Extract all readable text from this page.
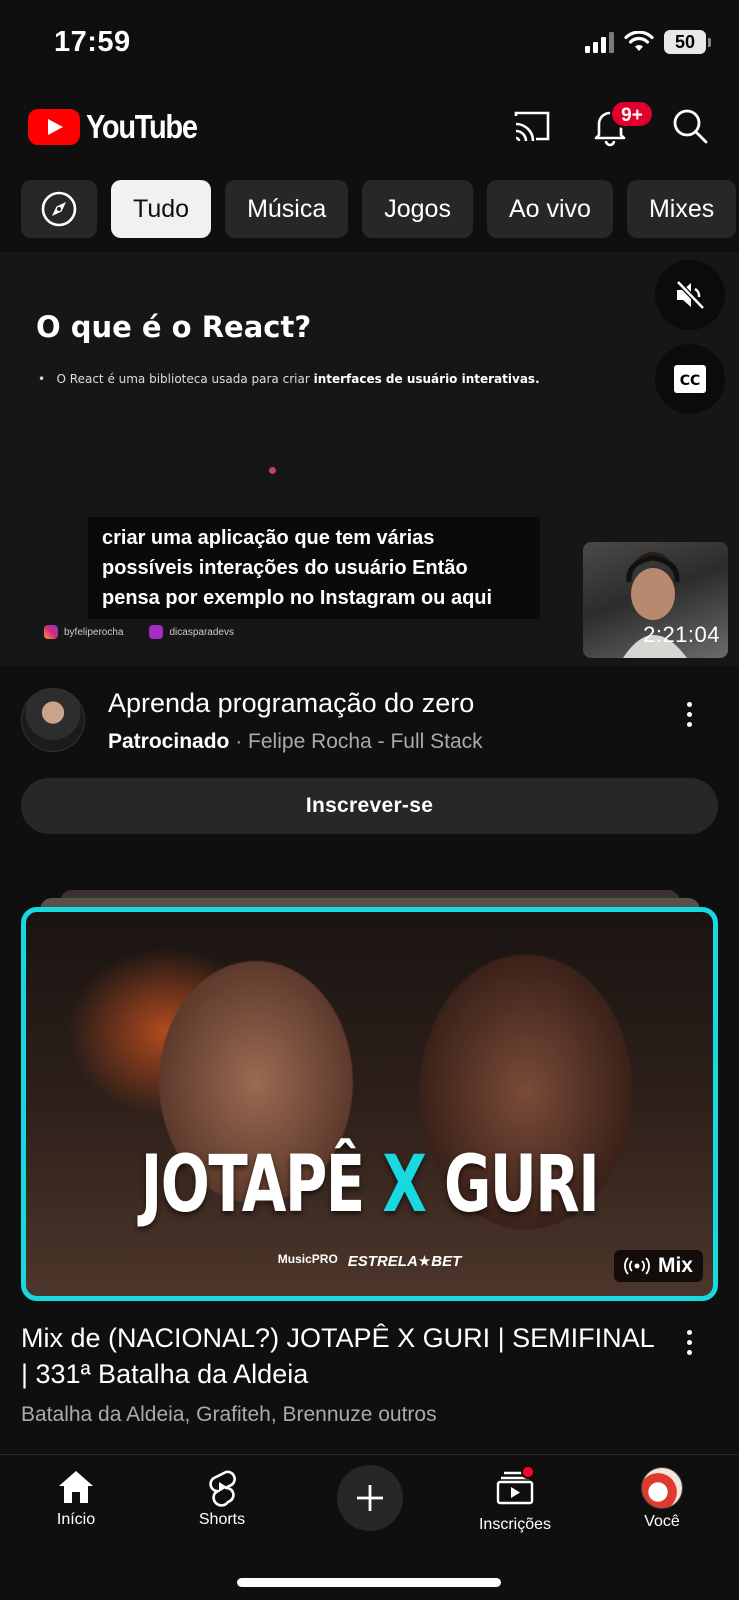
17:59	50
YouTube	9+
Tudo	Música	Jogos	Ao vivo	Mixes
O que é o React?
•   O React é uma biblioteca usada para criar interfaces de usuário interativas.
criar uma aplicação que tem várias possíveis interações do usuário Então pensa por exemplo no Instagram ou aqui
byfeliperocha	dicasparadevs
CC
2:21:04
Aprenda programação do zero
Patrocinado · Felipe Rocha - Full Stack
Inscrever-se
JOTAPÊ X GURI
MusicPRO ESTRELA★BET	Mix
Mix de (NACIONAL?) JOTAPÊ X GURI | SEMIFINAL | 331ª Batalha da Aldeia
Batalha da Aldeia, Grafiteh, Brennuze outros
Início	Shorts	Inscrições	Você
